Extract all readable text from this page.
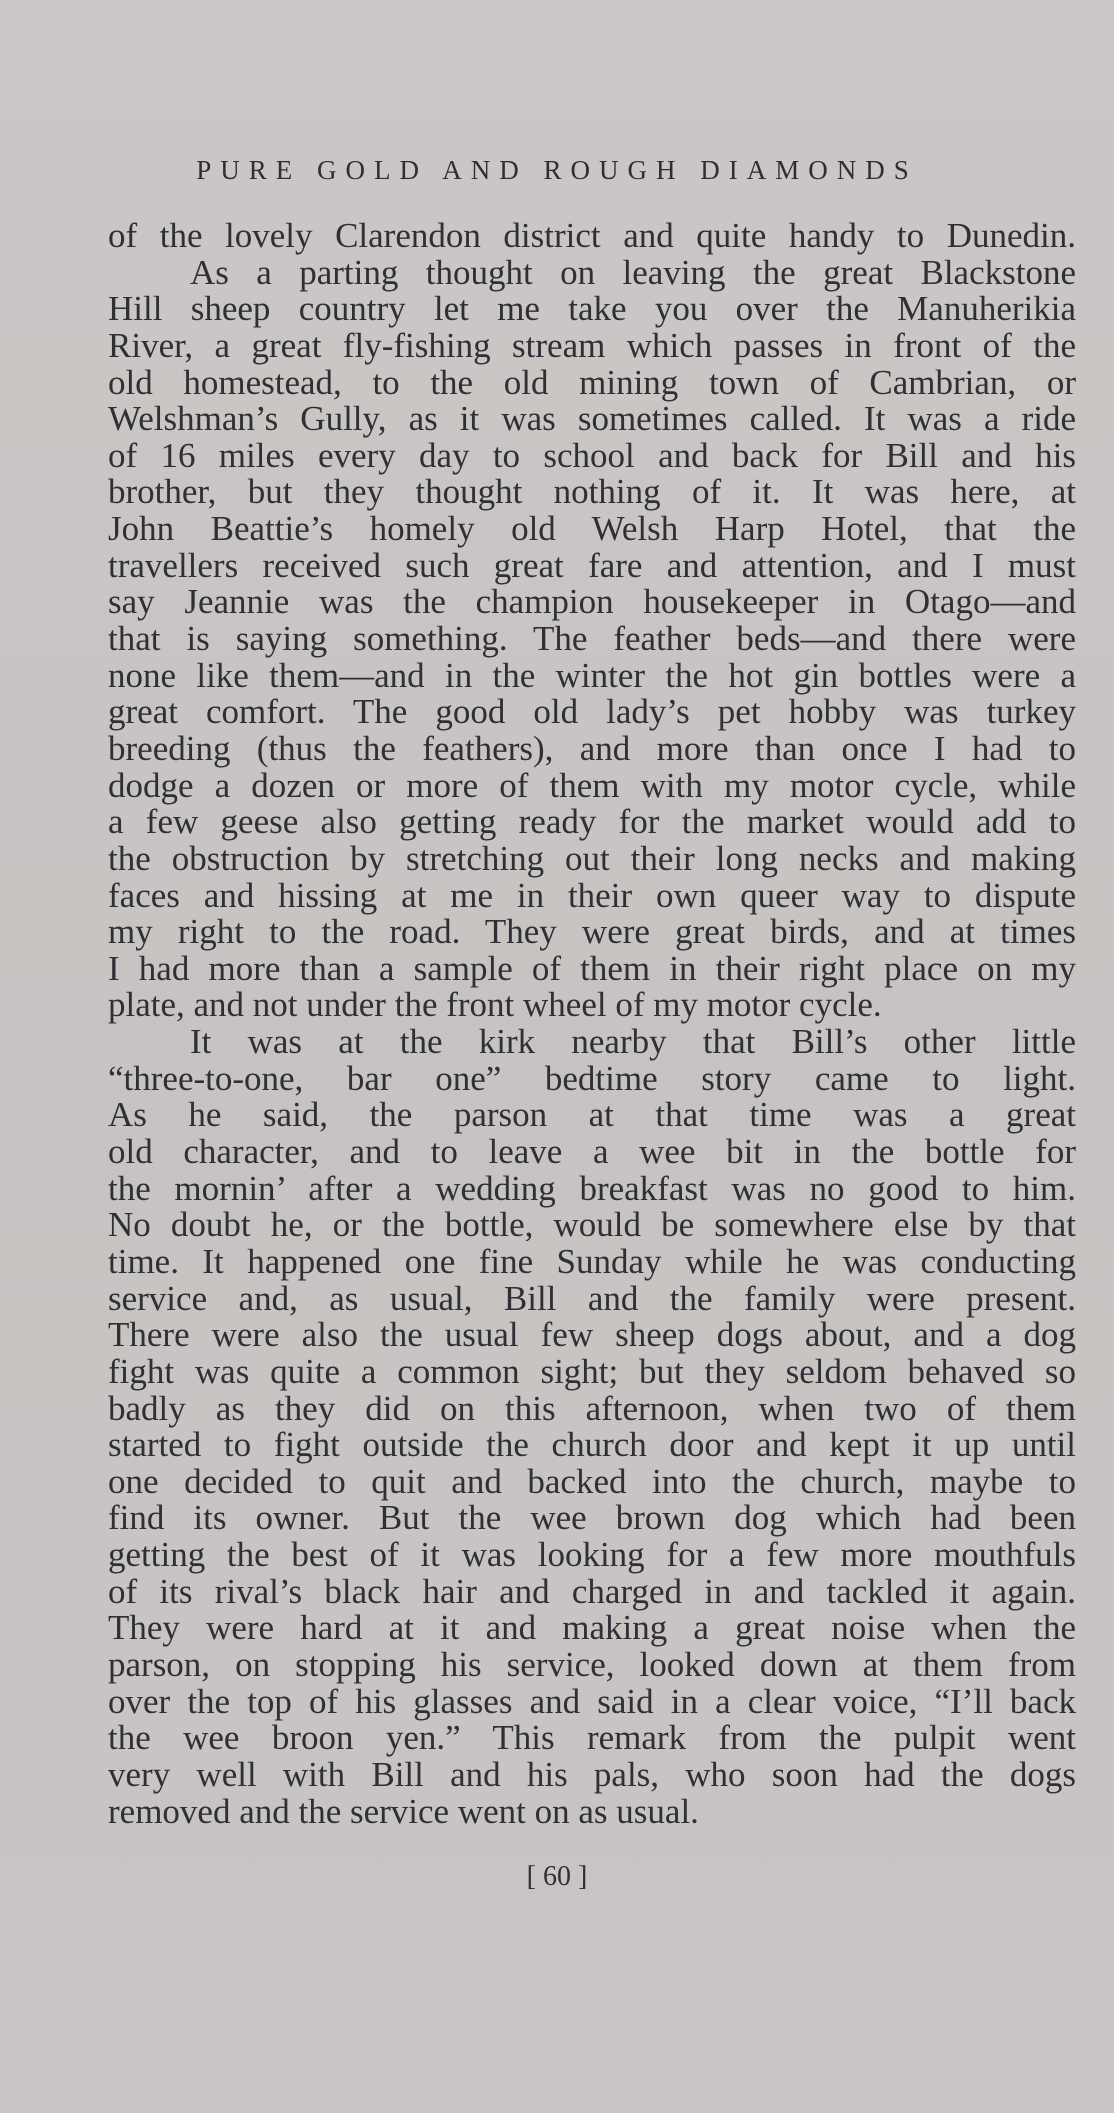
PURE GOLD AND ROUGH DIAMONDS
of the lovely Clarendon district and quite handy to Dunedin.
As a parting thought on leaving the great Blackstone
Hill sheep country let me take you over the Manuherikia
River, a great fly-fishing stream which passes in front of the
old homestead, to the old mining town of Cambrian, or
Welshman’s Gully, as it was sometimes called. It was a ride
of 16 miles every day to school and back for Bill and his
brother, but they thought nothing of it. It was here, at
John Beattie’s homely old Welsh Harp Hotel, that the
travellers received such great fare and attention, and I must
say Jeannie was the champion housekeeper in Otago—and
that is saying something. The feather beds—and there were
none like them—and in the winter the hot gin bottles were a
great comfort. The good old lady’s pet hobby was turkey
breeding (thus the feathers), and more than once I had to
dodge a dozen or more of them with my motor cycle, while
a few geese also getting ready for the market would add to
the obstruction by stretching out their long necks and making
faces and hissing at me in their own queer way to dispute
my right to the road. They were great birds, and at times
I had more than a sample of them in their right place on my
plate, and not under the front wheel of my motor cycle.
It was at the kirk nearby that Bill’s other little
“three-to-one, bar one” bedtime story came to light.
As he said, the parson at that time was a great
old character, and to leave a wee bit in the bottle for
the mornin’ after a wedding breakfast was no good to him.
No doubt he, or the bottle, would be somewhere else by that
time. It happened one fine Sunday while he was conducting
service and, as usual, Bill and the family were present.
There were also the usual few sheep dogs about, and a dog
fight was quite a common sight; but they seldom behaved so
badly as they did on this afternoon, when two of them
started to fight outside the church door and kept it up until
one decided to quit and backed into the church, maybe to
find its owner. But the wee brown dog which had been
getting the best of it was looking for a few more mouthfuls
of its rival’s black hair and charged in and tackled it again.
They were hard at it and making a great noise when the
parson, on stopping his service, looked down at them from
over the top of his glasses and said in a clear voice, “I’ll back
the wee broon yen.” This remark from the pulpit went
very well with Bill and his pals, who soon had the dogs
removed and the service went on as usual.
[ 60 ]
